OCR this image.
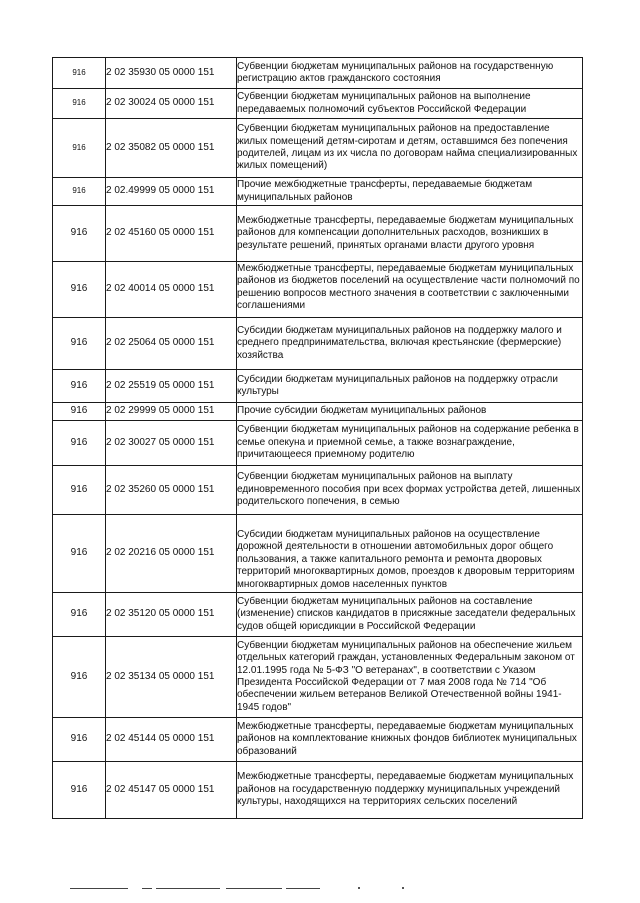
916	2 02 35930 05 0000 151	Субвенции бюджетам муниципальных районов на государственную регистрацию актов гражданского состояния
916	2 02 30024 05 0000 151	Субвенции бюджетам муниципальных районов на выполнение передаваемых полномочий субъектов Российской Федерации
916	2 02 35082 05 0000 151	Субвенции бюджетам муниципальных районов на предоставление жилых помещений детям-сиротам и детям, оставшимся без попечения родителей, лицам из их числа по договорам найма специализированных жилых помещений)
916	2 02.49999 05 0000 151	Прочие межбюджетные трансферты, передаваемые бюджетам муниципальных районов
916	2 02 45160 05 0000 151	Межбюджетные трансферты, передаваемые бюджетам муниципальных районов для компенсации дополнительных расходов, возникших в результате решений, принятых органами власти другого уровня
916	2 02 40014 05 0000 151	Межбюджетные трансферты, передаваемые бюджетам муниципальных районов из бюджетов поселений на осуществление части полномочий по решению вопросов местного значения в соответствии с заключенными соглашениями
916	2 02 25064 05 0000 151	Субсидии бюджетам муниципальных районов на поддержку малого и среднего предпринимательства, включая крестьянские (фермерские) хозяйства
916	2 02 25519 05 0000 151	Субсидии бюджетам муниципальных районов на поддержку отрасли культуры
916	2 02 29999 05 0000 151	Прочие субсидии бюджетам муниципальных районов
916	2 02 30027 05 0000 151	Субвенции бюджетам муниципальных районов на содержание ребенка в семье опекуна и приемной семье, а также вознаграждение, причитающееся приемному родителю
916	2 02 35260 05 0000 151	Субвенции бюджетам муниципальных районов на выплату единовременного пособия при всех формах устройства детей, лишенных родительского попечения, в семью
916	2 02 20216 05 0000 151	Субсидии бюджетам муниципальных районов на осуществление дорожной деятельности в отношении автомобильных дорог общего пользования, а также капитального ремонта и ремонта дворовых территорий многоквартирных домов, проездов к дворовым территориям многоквартирных домов населенных пунктов
916	2 02 35120 05 0000 151	Субвенции бюджетам муниципальных районов на составление (изменение) списков кандидатов в присяжные заседатели федеральных судов общей юрисдикции в Российской Федерации
916	2 02 35134 05 0000 151	Субвенции бюджетам муниципальных районов на обеспечение жильем отдельных категорий граждан, установленных Федеральным законом от 12.01.1995 года № 5-ФЗ "О ветеранах", в соответствии с Указом Президента Российской Федерации от 7 мая 2008 года № 714 "Об обеспечении жильем ветеранов Великой Отечественной войны 1941-1945 годов"
916	2 02 45144 05 0000 151	Межбюджетные трансферты, передаваемые бюджетам муниципальных районов на комплектование книжных фондов библиотек муниципальных образований
916	2 02 45147 05 0000 151	Межбюджетные трансферты, передаваемые бюджетам муниципальных районов на государственную поддержку муниципальных учреждений культуры, находящихся на территориях сельских поселений
